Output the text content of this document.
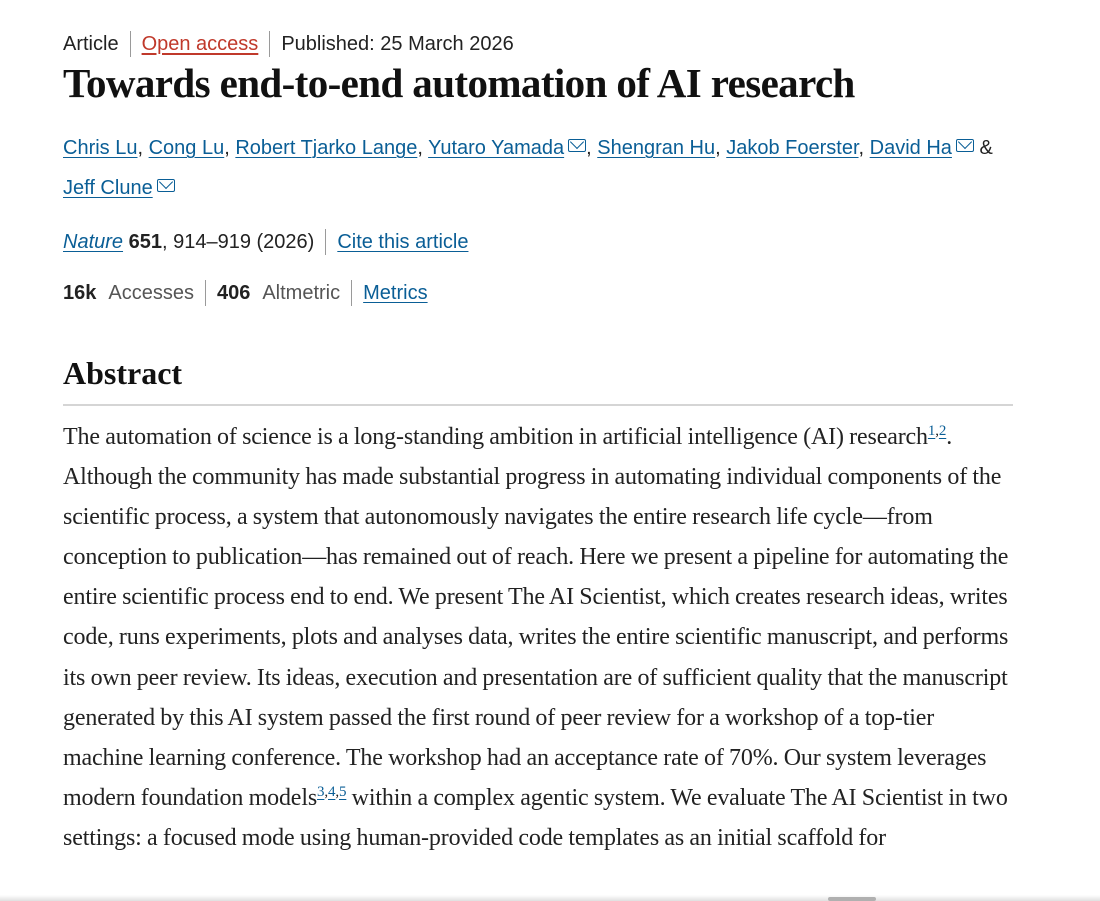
Article Open access Published: 25 March 2026
Towards end-to-end automation of AI research
Chris Lu, Cong Lu, Robert Tjarko Lange, Yutaro Yamada , Shengran Hu, Jakob Foerster, David Ha & Jeff Clune
Nature
651 , 914–919 (2026) Cite this article
16k Accesses 406 Altmetric Metrics
Abstract

The automation of science is a long-standing ambition in artificial intelligence (AI) research$^{1,2}$. Although the community has made substantial progress in automating individual components of the scientific process, a system that autonomously navigates the entire research life cycle—from conception to publication—has remained out of reach. Here we present a pipeline for automating the entire scientific process end to end. We present The AI Scientist, which creates research ideas, writes code, runs experiments, plots and analyses data, writes the entire scientific manuscript, and performs its own peer review. Its ideas, execution and presentation are of sufficient quality that the manuscript generated by this AI system passed the first round of peer review for a workshop of a top-tier machine learning conference. The workshop had an acceptance rate of 70%. Our system leverages modern foundation models$^{3,4,5}$ within a complex agentic system. We evaluate The AI Scientist in two settings: a focused mode using human-provided code templates as an initial scaffold for
